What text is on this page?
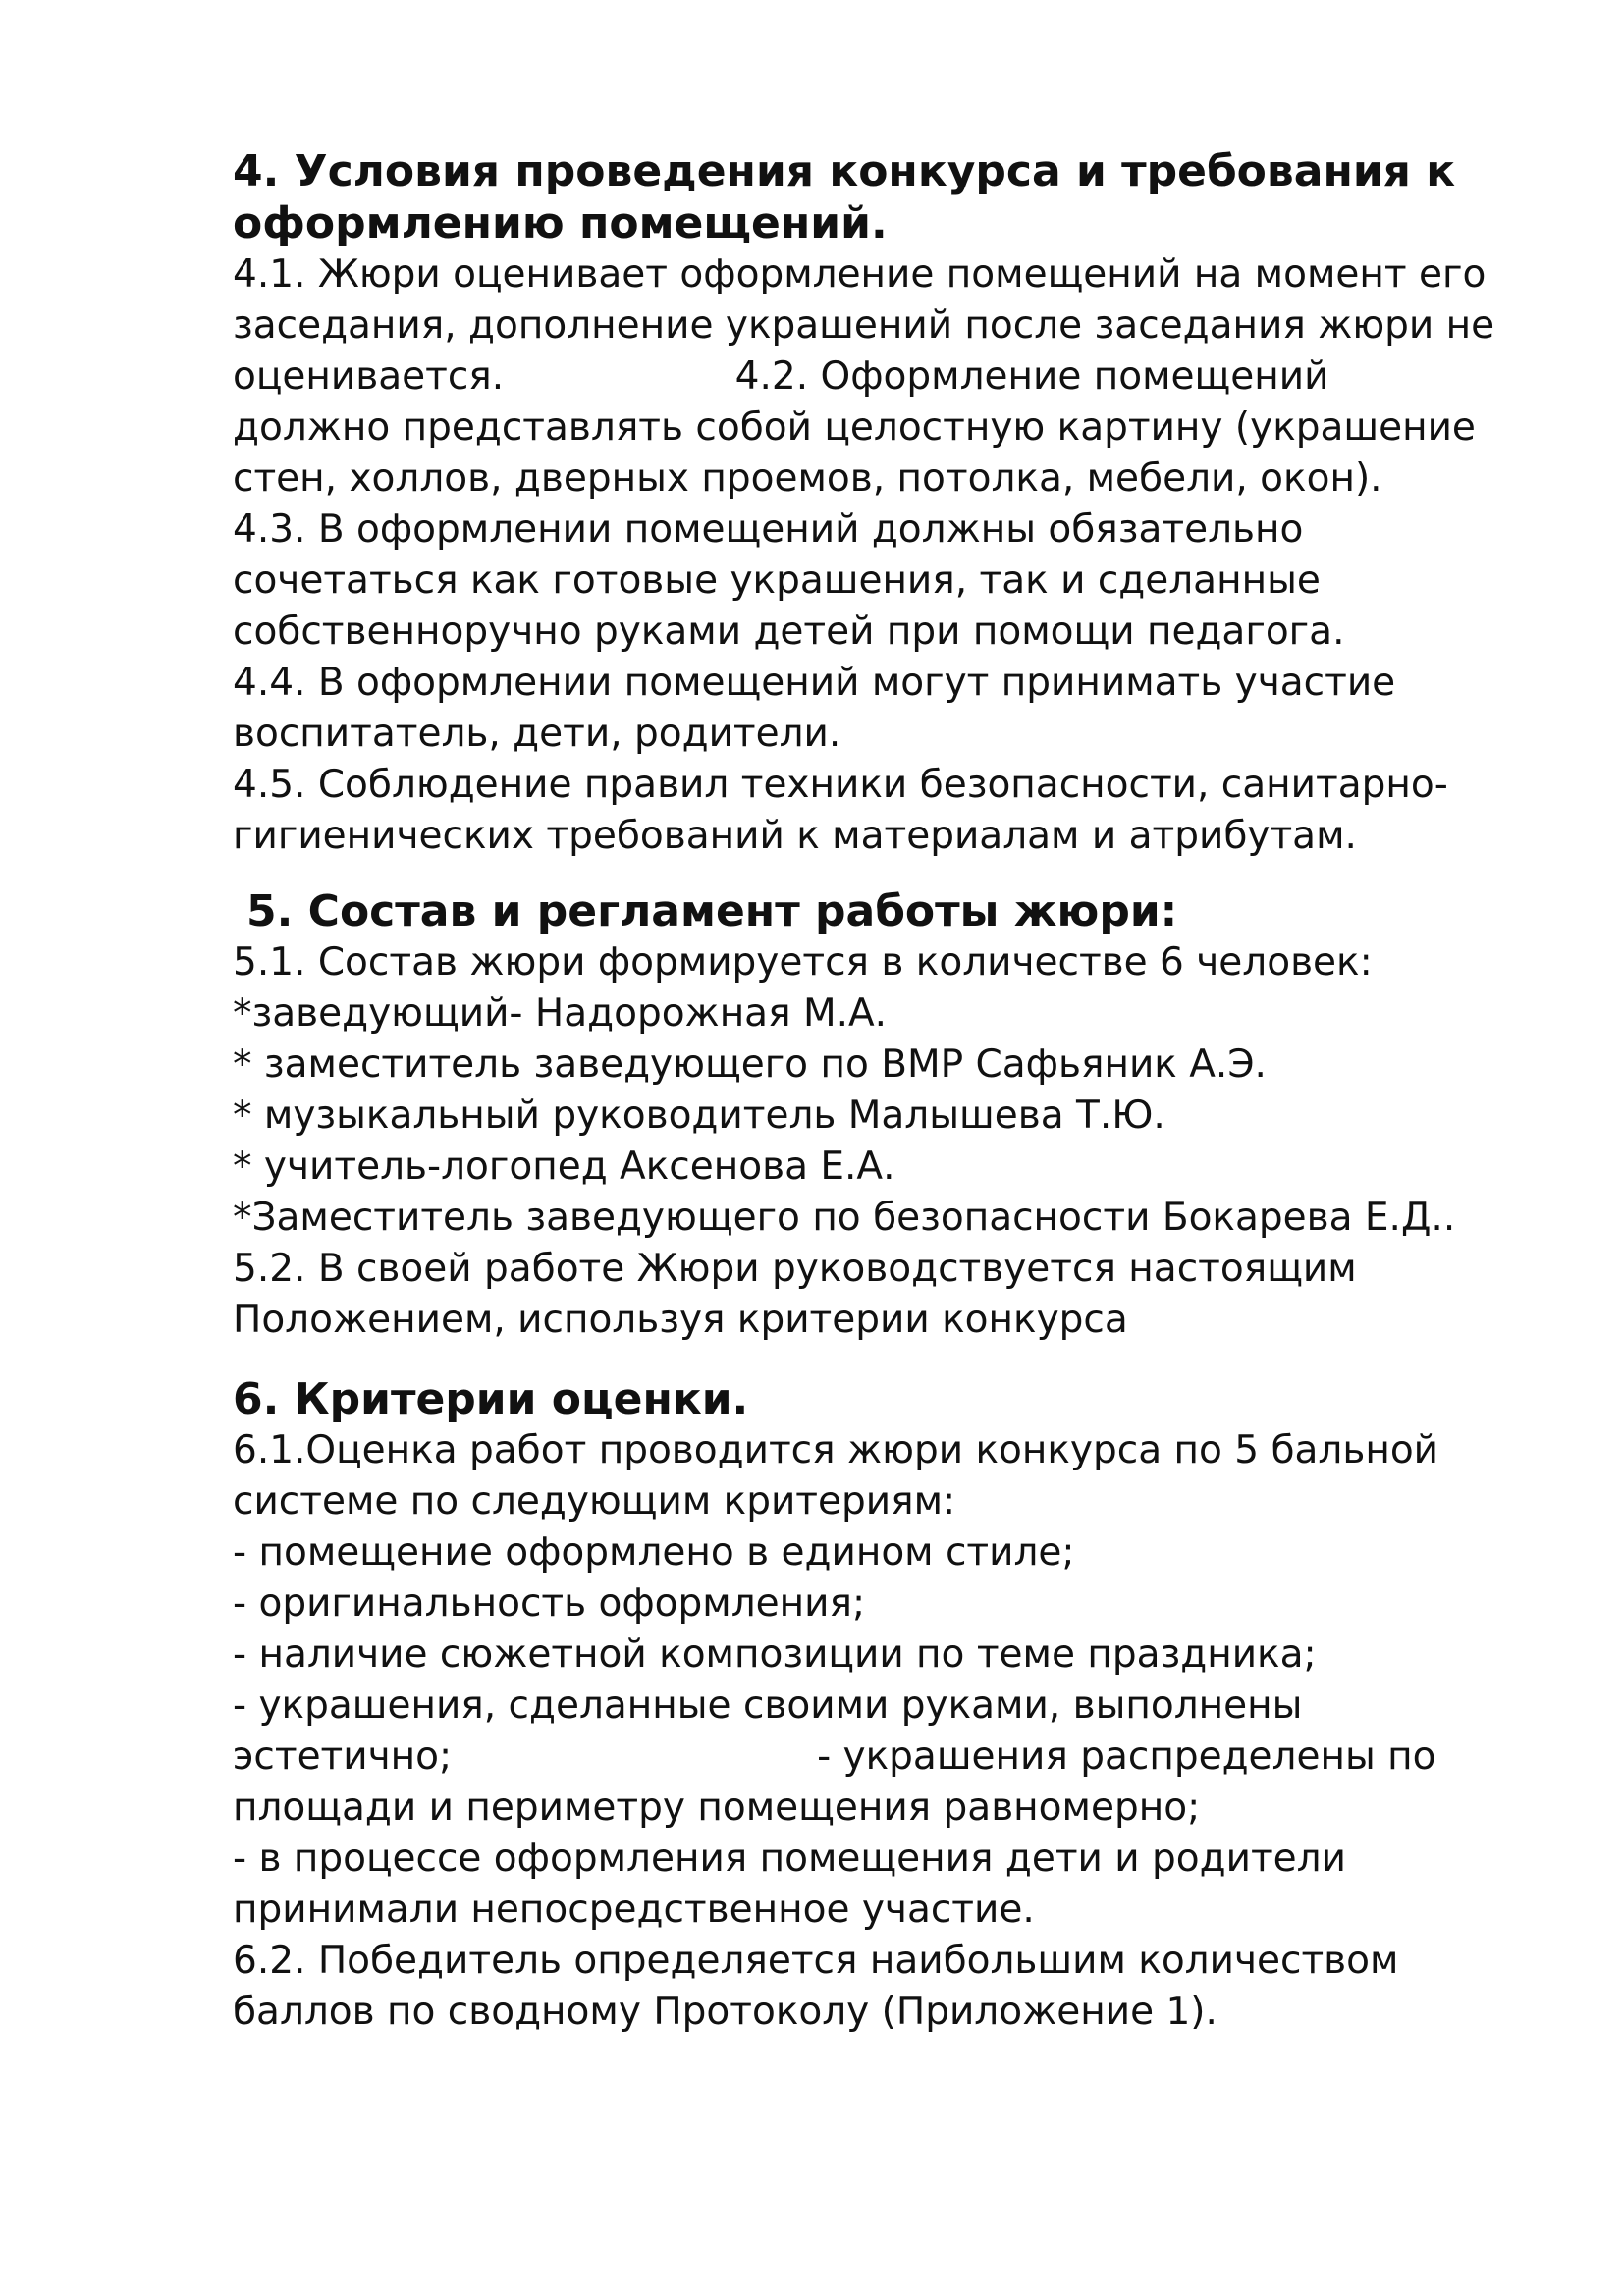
4. Условия проведения конкурса и требования к

оформлению помещений.

4.1. Жюри оценивает оформление помещений на момент его

заседания, дополнение украшений после заседания жюри не

оценивается.                   4.2. Оформление помещений

должно представлять собой целостную картину (украшение

стен, холлов, дверных проемов, потолка, мебели, окон).

4.3. В оформлении помещений должны обязательно

сочетаться как готовые украшения, так и сделанные

собственноручно руками детей при помощи педагога.

4.4. В оформлении помещений могут принимать участие

воспитатель, дети, родители.

4.5. Соблюдение правил техники безопасности, санитарно-

гигиенических требований к материалам и атрибутам.

5. Состав и регламент работы жюри:

5.1. Состав жюри формируется в количестве 6 человек:

*заведующий- Надорожная М.А.

* заместитель заведующего по ВМР Сафьяник А.Э.

* музыкальный руководитель Малышева Т.Ю.

* учитель-логопед Аксенова Е.А.

*Заместитель заведующего по безопасности Бокарева Е.Д..

5.2. В своей работе Жюри руководствуется настоящим

Положением, используя критерии конкурса

6. Критерии оценки.

6.1.Оценка работ проводится жюри конкурса по 5 бальной

системе по следующим критериям:

- помещение оформлено в едином стиле;

- оригинальность оформления;

- наличие сюжетной композиции по теме праздника;

- украшения, сделанные своими руками, выполнены

эстетично;                              - украшения распределены по

площади и периметру помещения равномерно;

- в процессе оформления помещения дети и родители

принимали непосредственное участие.

6.2. Победитель определяется наибольшим количеством

баллов по сводному Протоколу (Приложение 1).
